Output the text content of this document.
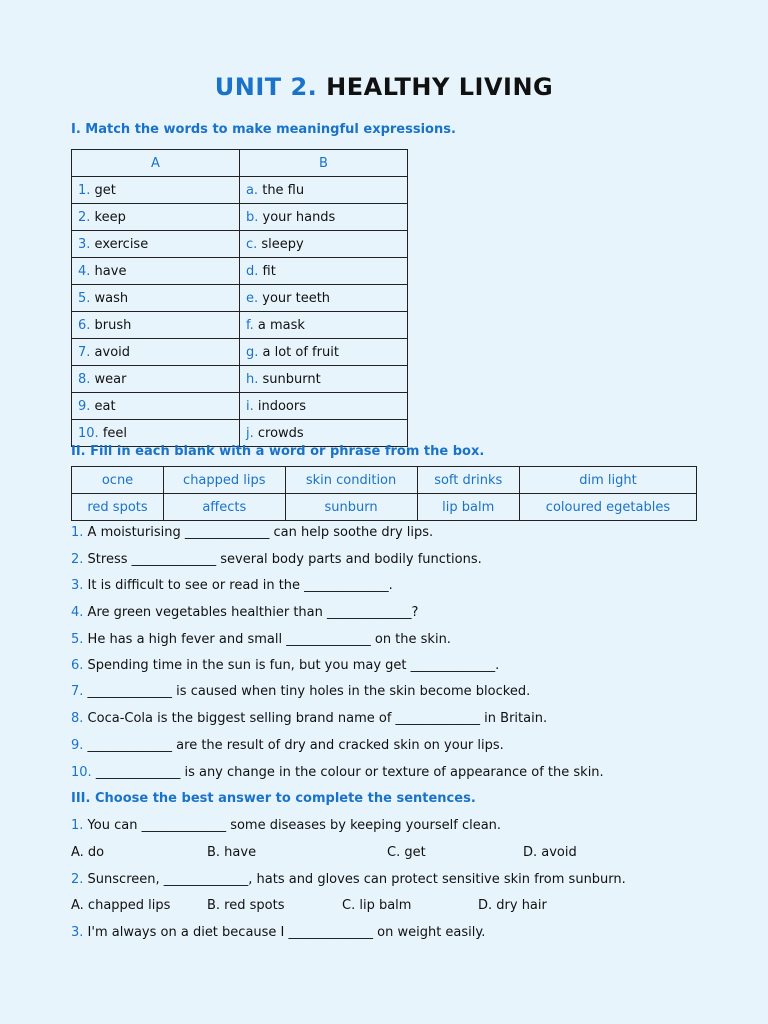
UNIT 2. HEALTHY LIVING
I. Match the words to make meaningful expressions.
A	B
1. get	a. the flu
2. keep	b. your hands
3. exercise	c. sleepy
4. have	d. fit
5. wash	e. your teeth
6. brush	f. a mask
7. avoid	g. a lot of fruit
8. wear	h. sunburnt
9. eat	i. indoors
10. feel	j. crowds
II. Fill in each blank with a word or phrase from the box.
ocne	chapped lips	skin condition	soft drinks	dim light
red spots	affects	sunburn	lip balm	coloured egetables
1. A moisturising _____________ can help soothe dry lips.
2. Stress _____________ several body parts and bodily functions.
3. It is difficult to see or read in the _____________.
4. Are green vegetables healthier than _____________?
5. He has a high fever and small _____________ on the skin.
6. Spending time in the sun is fun, but you may get _____________.
7. _____________ is caused when tiny holes in the skin become blocked.
8. Coca-Cola is the biggest selling brand name of _____________ in Britain.
9. _____________ are the result of dry and cracked skin on your lips.
10. _____________ is any change in the colour or texture of appearance of the skin.
III. Choose the best answer to complete the sentences.
1. You can _____________ some diseases by keeping yourself clean.
A. do	B. have	C. get	D. avoid
2. Sunscreen, _____________, hats and gloves can protect sensitive skin from sunburn.
A. chapped lips	B. red spots	C. lip balm	D. dry hair
3. I'm always on a diet because I _____________ on weight easily.
